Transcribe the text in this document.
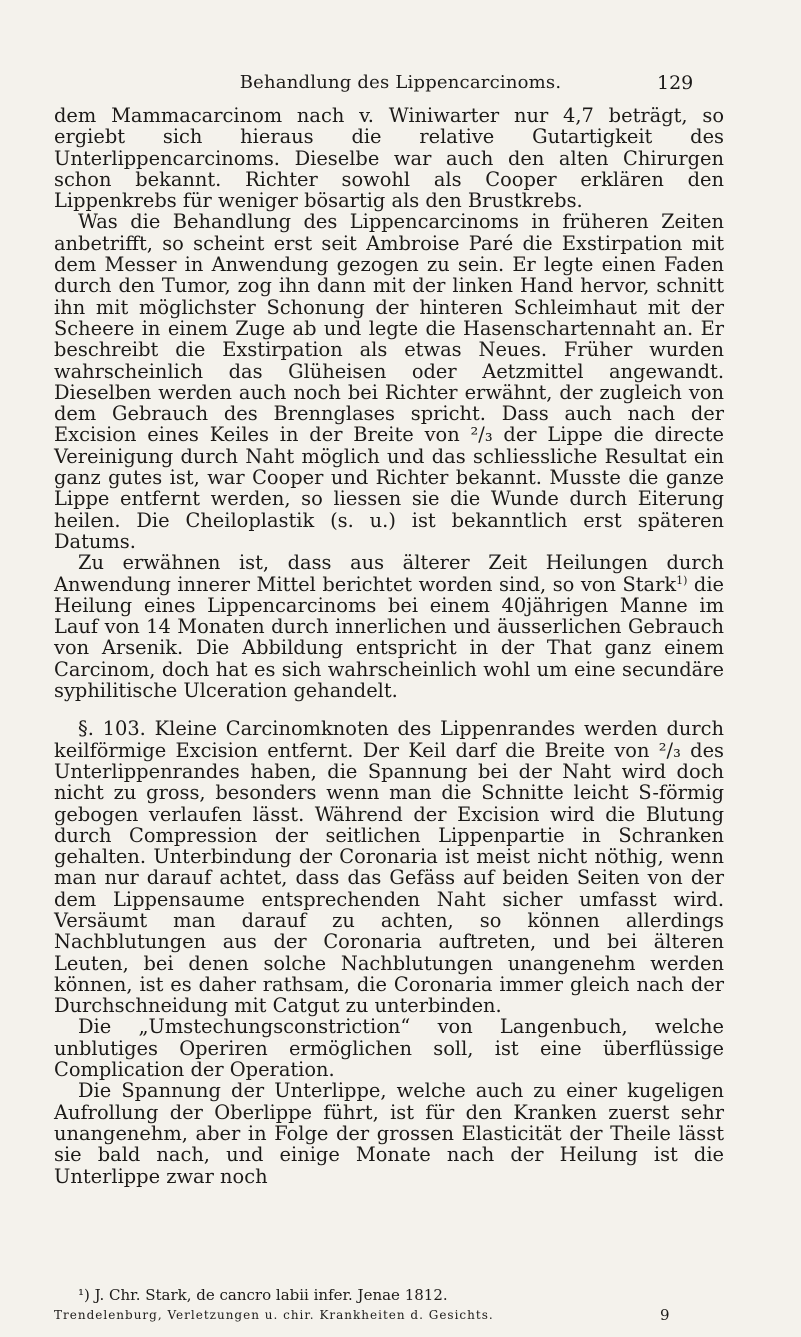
Behandlung des Lippencarcinoms.	129

dem Mammacarcinom nach v. Winiwarter nur 4,7 beträgt, so ergiebt sich hieraus die relative Gutartigkeit des Unterlippencarcinoms. Dieselbe war auch den alten Chirurgen schon bekannt. Richter sowohl als Cooper erklären den Lippenkrebs für weniger bösartig als den Brustkrebs.

Was die Behandlung des Lippencarcinoms in früheren Zeiten anbetrifft, so scheint erst seit Ambroise Paré die Exstirpation mit dem Messer in Anwendung gezogen zu sein. Er legte einen Faden durch den Tumor, zog ihn dann mit der linken Hand hervor, schnitt ihn mit möglichster Schonung der hinteren Schleimhaut mit der Scheere in einem Zuge ab und legte die Hasenschartennaht an. Er beschreibt die Exstirpation als etwas Neues. Früher wurden wahrscheinlich das Glüheisen oder Aetzmittel angewandt. Dieselben werden auch noch bei Richter erwähnt, der zugleich von dem Gebrauch des Brennglases spricht. Dass auch nach der Excision eines Keiles in der Breite von ²/₃ der Lippe die directe Vereinigung durch Naht möglich und das schliessliche Resultat ein ganz gutes ist, war Cooper und Richter bekannt. Musste die ganze Lippe entfernt werden, so liessen sie die Wunde durch Eiterung heilen. Die Cheiloplastik (s. u.) ist bekanntlich erst späteren Datums.

Zu erwähnen ist, dass aus älterer Zeit Heilungen durch Anwendung innerer Mittel berichtet worden sind, so von Stark$^{1)}$ die Heilung eines Lippencarcinoms bei einem 40jährigen Manne im Lauf von 14 Monaten durch innerlichen und äusserlichen Gebrauch von Arsenik. Die Abbildung entspricht in der That ganz einem Carcinom, doch hat es sich wahrscheinlich wohl um eine secundäre syphilitische Ulceration gehandelt.

§. 103. Kleine Carcinomknoten des Lippenrandes werden durch keilförmige Excision entfernt. Der Keil darf die Breite von ²/₃ des Unterlippenrandes haben, die Spannung bei der Naht wird doch nicht zu gross, besonders wenn man die Schnitte leicht S-förmig gebogen verlaufen lässt. Während der Excision wird die Blutung durch Compression der seitlichen Lippenpartie in Schranken gehalten. Unterbindung der Coronaria ist meist nicht nöthig, wenn man nur darauf achtet, dass das Gefäss auf beiden Seiten von der dem Lippensaume entsprechenden Naht sicher umfasst wird. Versäumt man darauf zu achten, so können allerdings Nachblutungen aus der Coronaria auftreten, und bei älteren Leuten, bei denen solche Nachblutungen unangenehm werden können, ist es daher rathsam, die Coronaria immer gleich nach der Durchschneidung mit Catgut zu unterbinden.

Die „Umstechungsconstriction“ von Langenbuch, welche unblutiges Operiren ermöglichen soll, ist eine überflüssige Complication der Operation.

Die Spannung der Unterlippe, welche auch zu einer kugeligen Aufrollung der Oberlippe führt, ist für den Kranken zuerst sehr unangenehm, aber in Folge der grossen Elasticität der Theile lässt sie bald nach, und einige Monate nach der Heilung ist die Unterlippe zwar noch

¹) J. Chr. Stark, de cancro labii infer. Jenae 1812.
Trendelenburg, Verletzungen u. chir. Krankheiten d. Gesichts.	9
